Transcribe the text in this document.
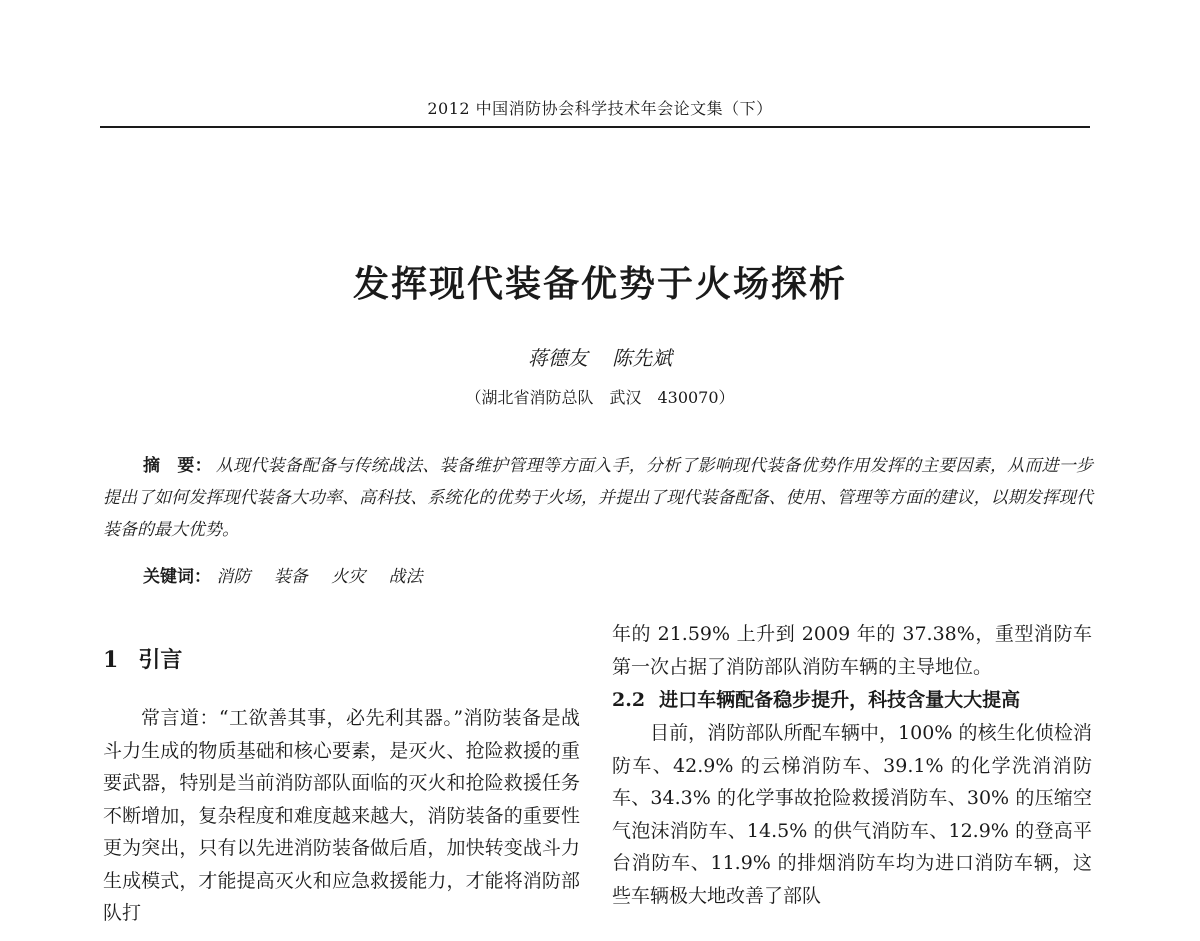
2012 中国消防协会科学技术年会论文集（下）
发挥现代装备优势于火场探析
蒋德友 陈先斌
（湖北省消防总队　武汉　430070）
摘　要： 从现代装备配备与传统战法、装备维护管理等方面入手，分析了影响现代装备优势作用发挥的主要因素，从而进一步提出了如何发挥现代装备大功率、高科技、系统化的优势于火场，并提出了现代装备配备、使用、管理等方面的建议，以期发挥现代装备的最大优势。
关键词： 消防 装备 火灾 战法
1 引言

常言道：“工欲善其事，必先利其器。”消防装备是战斗力生成的物质基础和核心要素，是灭火、抢险救援的重要武器，特别是当前消防部队面临的灭火和抢险救援任务不断增加，复杂程度和难度越来越大，消防装备的重要性更为突出，只有以先进消防装备做后盾，加快转变战斗力生成模式，才能提高灭火和应急救援能力，才能将消防部队打

年的 21.59% 上升到 2009 年的 37.38%，重型消防车第一次占据了消防部队消防车辆的主导地位。

2.2 进口车辆配备稳步提升，科技含量大大提高

目前，消防部队所配车辆中，100% 的核生化侦检消防车、42.9% 的云梯消防车、39.1% 的化学洗消消防车、34.3% 的化学事故抢险救援消防车、30% 的压缩空气泡沫消防车、14.5% 的供气消防车、12.9% 的登高平台消防车、11.9% 的排烟消防车均为进口消防车辆，这些车辆极大地改善了部队
